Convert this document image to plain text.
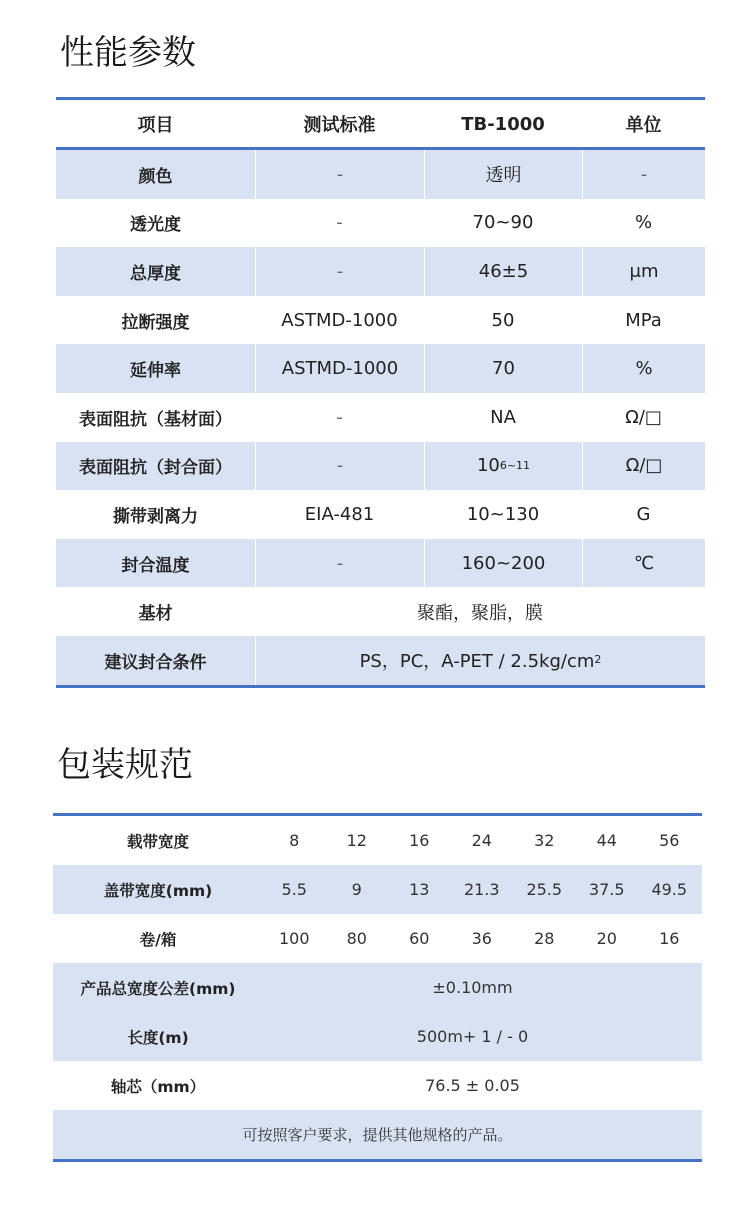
性能参数
项目	测试标准	TB-1000	单位
颜色	-	透明	-
透光度	-	70~90	%
总厚度	-	46±5	μm
拉断强度	ASTMD-1000	50	MPa
延伸率	ASTMD-1000	70	%
表面阻抗（基材面）	-	NA	Ω/□
表面阻抗（封合面）	-	10 6~11	Ω/□
撕带剥离力	EIA-481	10~130	G
封合温度	-	160~200	℃
基材	聚酯，聚脂，膜
建议封合条件	PS，PC，A-PET / 2.5kg/cm 2
包装规范
载带宽度	8	12	16	24	32	44	56
盖带宽度(mm)	5.5	9	13	21.3	25.5	37.5	49.5
卷/箱	100	80	60	36	28	20	16
产品总宽度公差(mm)	±0.10mm
长度(m)	500m+ 1 / - 0
轴芯（mm）	76.5 ± 0.05
可按照客户要求，提供其他规格的产品。
